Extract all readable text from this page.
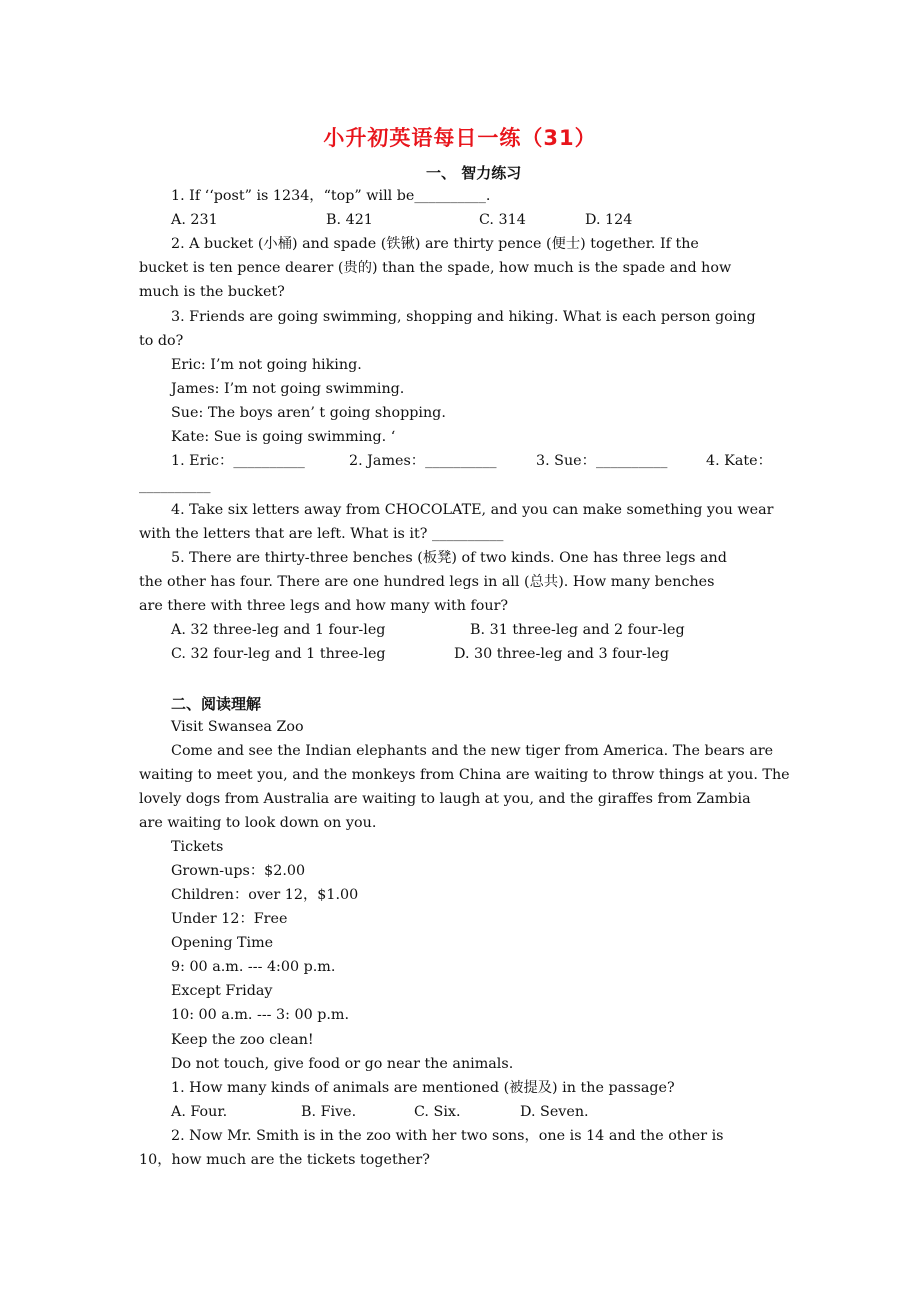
小升初英语每日一练（31）
一、 智力练习
1. If ‘‘post” is 1234，“top” will be__________.
A. 231	B. 421	C. 314	D. 124
2. A bucket (小桶) and spade (铁锹) are thirty pence (便士) together. If the
bucket is ten pence dearer (贵的) than the spade, how much is the spade and how
much is the bucket?
3. Friends are going swimming, shopping and hiking. What is each person going
to do?
Eric: I’m not going hiking.
James: I’m not going swimming.
Sue: The boys aren’ t going shopping.
Kate: Sue is going swimming. ‘
1. Eric：__________	2. James：__________	3. Sue：__________	4. Kate：
__________
4. Take six letters away from CHOCOLATE, and you can make something you wear
with the letters that are left. What is it? __________
5. There are thirty-three benches (板凳) of two kinds. One has three legs and
the other has four. There are one hundred legs in all (总共). How many benches
are there with three legs and how many with four?
A. 32 three-leg and 1 four-leg	B. 31 three-leg and 2 four-leg
C. 32 four-leg and 1 three-leg	D. 30 three-leg and 3 four-leg
二、阅读理解
Visit Swansea Zoo
Come and see the Indian elephants and the new tiger from America. The bears are
waiting to meet you, and the monkeys from China are waiting to throw things at you. The
lovely dogs from Australia are waiting to laugh at you, and the giraffes from Zambia
are waiting to look down on you.
Tickets
Grown-ups：$2.00
Children：over 12，$1.00
Under 12：Free
Opening Time
9: 00 a.m. --- 4:00 p.m.
Except Friday
10: 00 a.m. --- 3: 00 p.m.
Keep the zoo clean!
Do not touch, give food or go near the animals.
1. How many kinds of animals are mentioned (被提及) in the passage?
A. Four.	B. Five.	C. Six.	D. Seven.
2. Now Mr. Smith is in the zoo with her two sons，one is 14 and the other is
10，how much are the tickets together?
